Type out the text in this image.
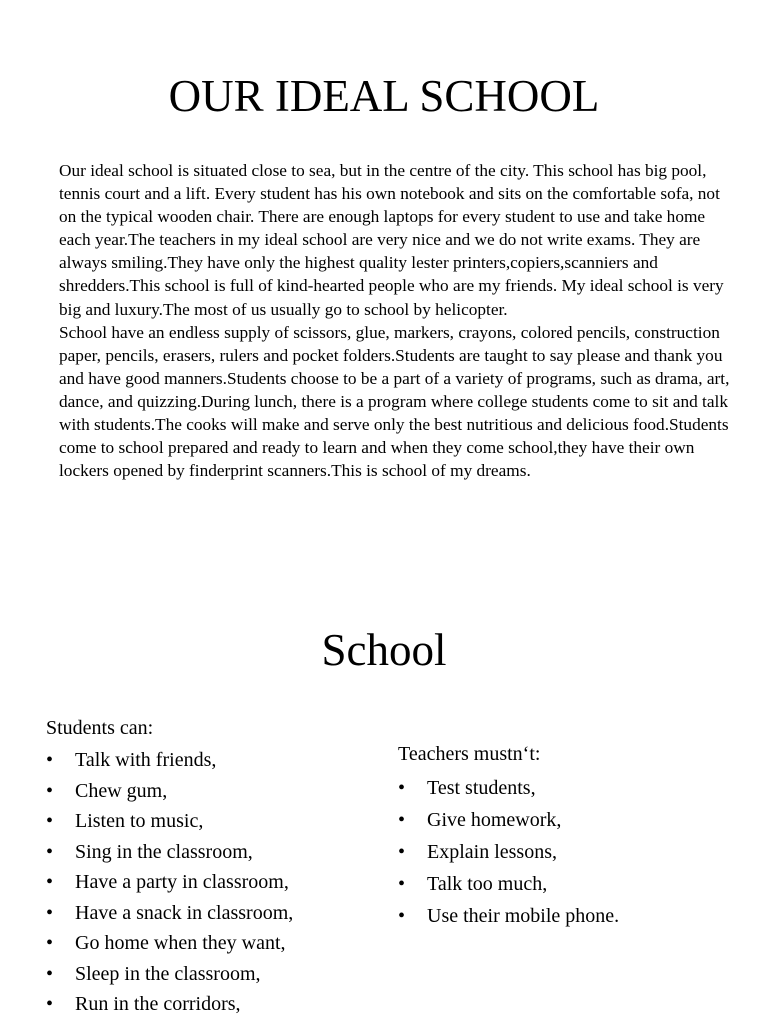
OUR IDEAL SCHOOL

Our ideal school is situated close to sea, but in the centre of the city. This school has big pool, tennis court and a lift. Every student has his own notebook and sits on the comfortable sofa, not on the typical wooden chair. There are enough laptops for every student to use and take home each year.The teachers in my ideal school are very nice and we do not write exams. They are always smiling.They have only the highest quality lester printers,copiers,scanniers and shredders.This school is full of kind-hearted people who are my friends. My ideal school is very big and luxury.The most of us usually go to school by helicopter.

School have an endless supply of scissors, glue, markers, crayons, colored pencils, construction paper, pencils, erasers, rulers and pocket folders.Students are taught to say please and thank you and have good manners.Students choose to be a part of a variety of programs, such as drama, art, dance, and quizzing.During lunch, there is a program where college students come to sit and talk with students.The cooks will make and serve only the best nutritious and delicious food.Students come to school prepared and ready to learn and when they come school,they have their own lockers opened by finderprint scanners.This is school of my dreams.

School
Students can:
• Talk with friends,
• Chew gum,
• Listen to music,
• Sing in the classroom,
• Have a party in classroom,
• Have a snack in classroom,
• Go home when they want,
• Sleep in the classroom,
• Run in the corridors,
Teachers mustn‘t:
• Test students,
• Give homework,
• Explain lessons,
• Talk too much,
• Use their mobile phone.
